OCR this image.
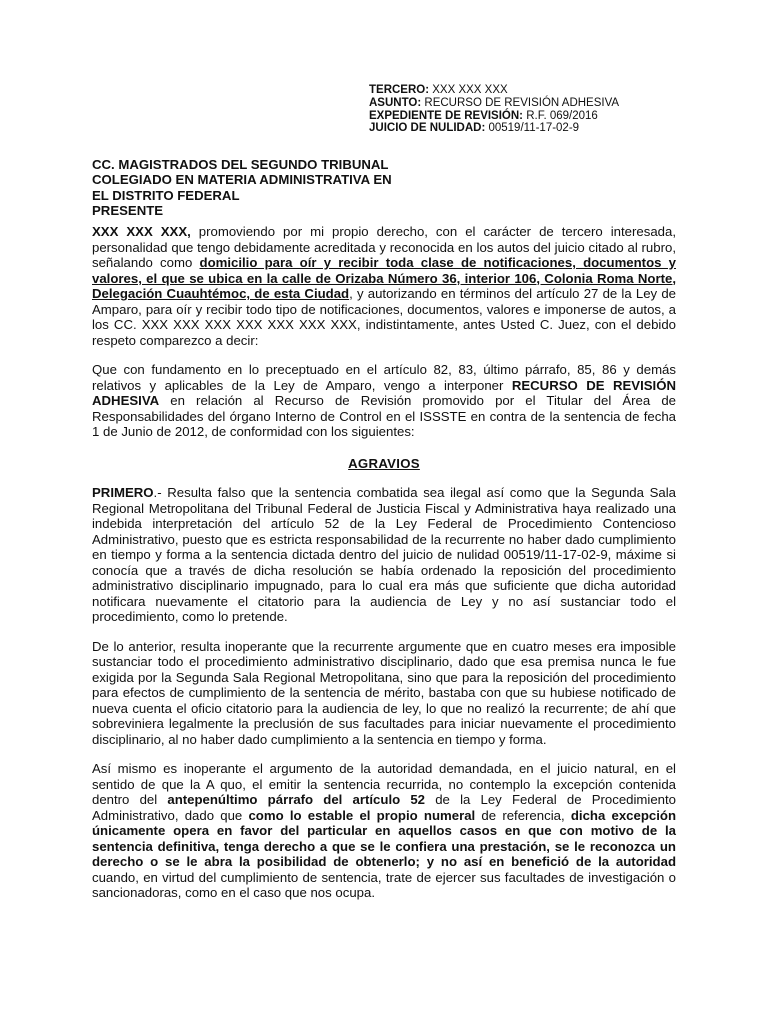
TERCERO: XXX XXX XXX
ASUNTO: RECURSO DE REVISIÓN ADHESIVA
EXPEDIENTE DE REVISIÓN: R.F. 069/2016
JUICIO DE NULIDAD: 00519/11-17-02-9
CC. MAGISTRADOS DEL SEGUNDO TRIBUNAL
COLEGIADO EN MATERIA ADMINISTRATIVA EN
EL DISTRITO FEDERAL
PRESENTE

XXX XXX XXX, promoviendo por mi propio derecho, con el carácter de tercero interesada, personalidad que tengo debidamente acreditada y reconocida en los autos del juicio citado al rubro, señalando como domicilio para oír y recibir toda clase de notificaciones, documentos y valores, el que se ubica en la calle de Orizaba Número 36, interior 106, Colonia Roma Norte, Delegación Cuauhtémoc, de esta Ciudad, y autorizando en términos del artículo 27 de la Ley de Amparo, para oír y recibir todo tipo de notificaciones, documentos, valores e imponerse de autos, a los CC. XXX XXX XXX XXX XXX XXX XXX, indistintamente, antes Usted C. Juez, con el debido respeto comparezco a decir:

Que con fundamento en lo preceptuado en el artículo 82, 83, último párrafo, 85, 86 y demás relativos y aplicables de la Ley de Amparo, vengo a interponer RECURSO DE REVISIÓN ADHESIVA en relación al Recurso de Revisión promovido por el Titular del Área de Responsabilidades del órgano Interno de Control en el ISSSTE en contra de la sentencia de fecha 1 de Junio de 2012, de conformidad con los siguientes:

AGRAVIOS

PRIMERO.- Resulta falso que la sentencia combatida sea ilegal así como que la Segunda Sala Regional Metropolitana del Tribunal Federal de Justicia Fiscal y Administrativa haya realizado una indebida interpretación del artículo 52 de la Ley Federal de Procedimiento Contencioso Administrativo, puesto que es estricta responsabilidad de la recurrente no haber dado cumplimiento en tiempo y forma a la sentencia dictada dentro del juicio de nulidad 00519/11-17-02-9, máxime si conocía que a través de dicha resolución se había ordenado la reposición del procedimiento administrativo disciplinario impugnado, para lo cual era más que suficiente que dicha autoridad notificara nuevamente el citatorio para la audiencia de Ley y no así sustanciar todo el procedimiento, como lo pretende.

De lo anterior, resulta inoperante que la recurrente argumente que en cuatro meses era imposible sustanciar todo el procedimiento administrativo disciplinario, dado que esa premisa nunca le fue exigida por la Segunda Sala Regional Metropolitana, sino que para la reposición del procedimiento para efectos de cumplimiento de la sentencia de mérito, bastaba con que su hubiese notificado de nueva cuenta el oficio citatorio para la audiencia de ley, lo que no realizó la recurrente; de ahí que sobreviniera legalmente la preclusión de sus facultades para iniciar nuevamente el procedimiento disciplinario, al no haber dado cumplimiento a la sentencia en tiempo y forma.

Así mismo es inoperante el argumento de la autoridad demandada, en el juicio natural, en el sentido de que la A quo, el emitir la sentencia recurrida, no contemplo la excepción contenida dentro del antepenúltimo párrafo del artículo 52 de la Ley Federal de Procedimiento Administrativo, dado que como lo estable el propio numeral de referencia, dicha excepción únicamente opera en favor del particular en aquellos casos en que con motivo de la sentencia definitiva, tenga derecho a que se le confiera una prestación, se le reconozca un derecho o se le abra la posibilidad de obtenerlo; y no así en benefició de la autoridad cuando, en virtud del cumplimiento de sentencia, trate de ejercer sus facultades de investigación o sancionadoras, como en el caso que nos ocupa.
